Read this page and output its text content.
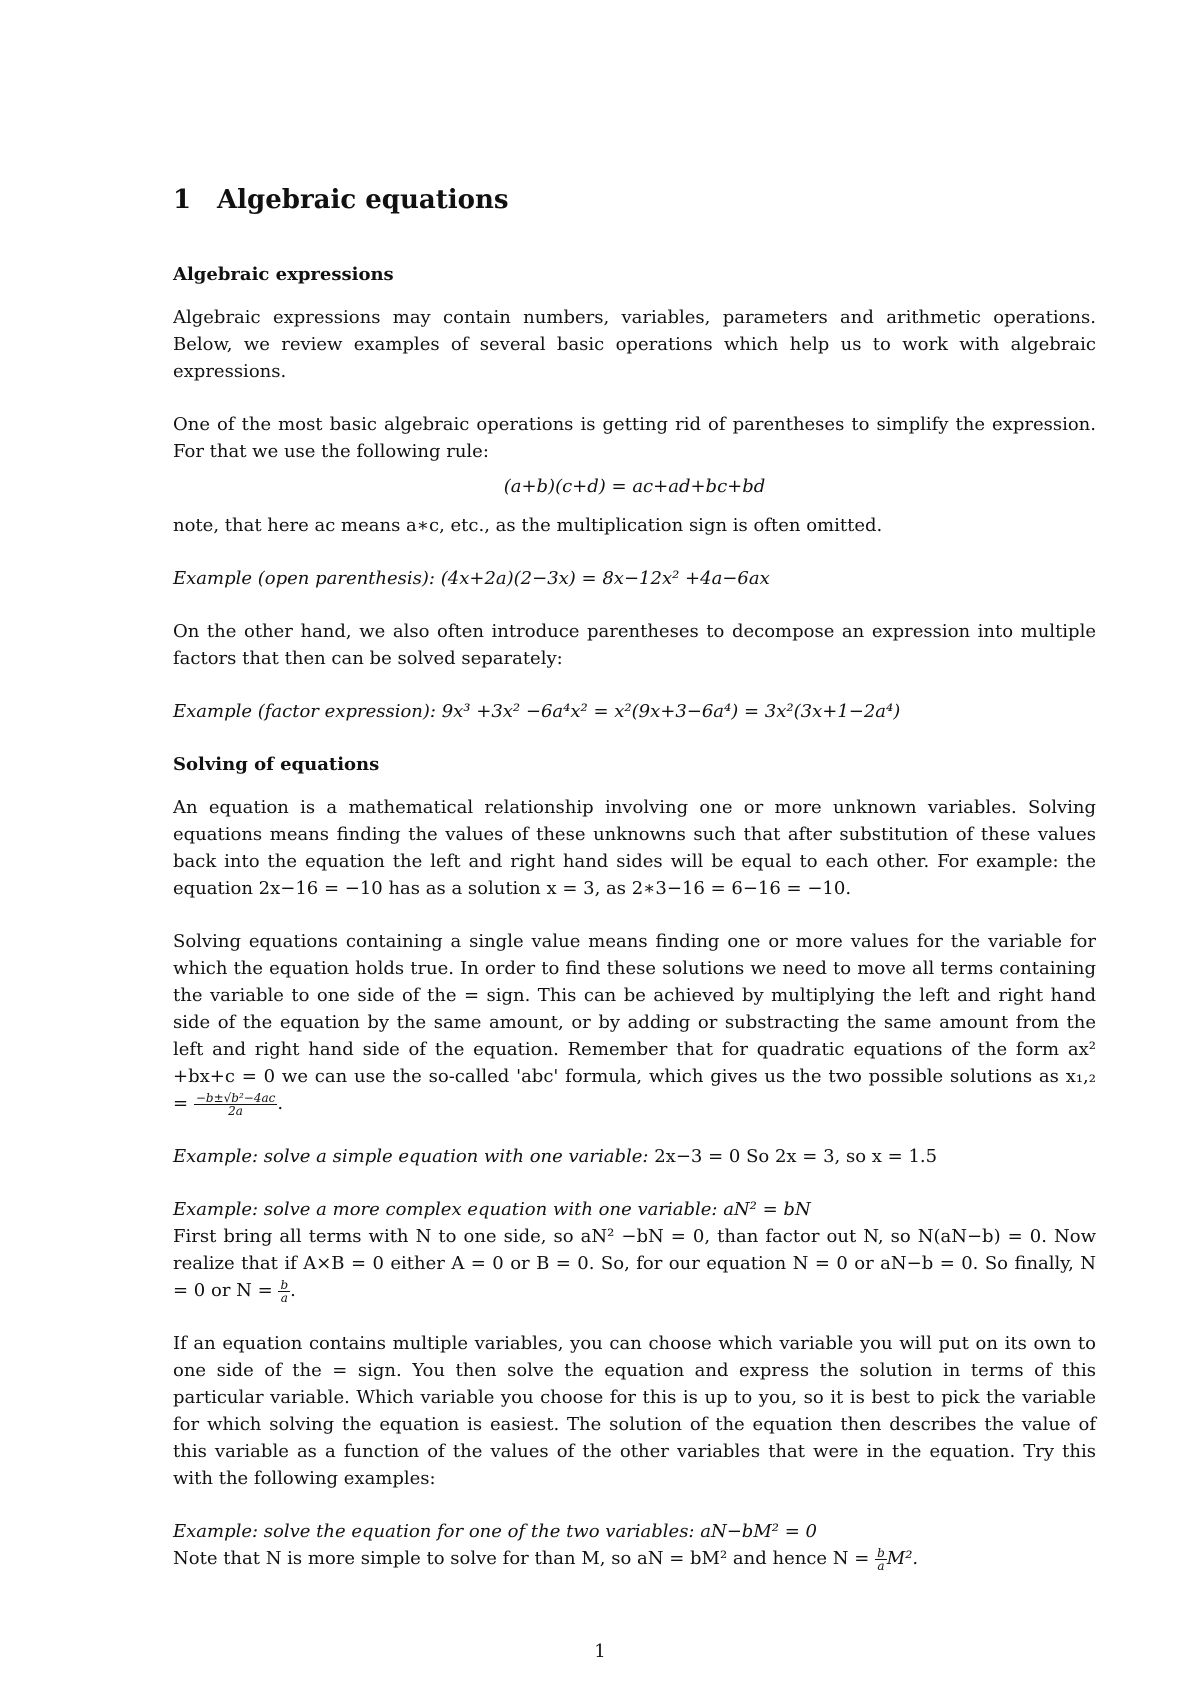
1 Algebraic equations
Algebraic expressions

Algebraic expressions may contain numbers, variables, parameters and arithmetic operations. Below, we review examples of several basic operations which help us to work with algebraic expressions.

One of the most basic algebraic operations is getting rid of parentheses to simplify the expression. For that we use the following rule:

(a+b)(c+d) = ac+ad+bc+bd

note, that here ac means a∗c, etc., as the multiplication sign is often omitted.

Example (open parenthesis): (4x+2a)(2−3x) = 8x−12x² +4a−6ax

On the other hand, we also often introduce parentheses to decompose an expression into multiple factors that then can be solved separately:

Example (factor expression): 9x³ +3x² −6a⁴x² = x²(9x+3−6a⁴) = 3x²(3x+1−2a⁴)

Solving of equations

An equation is a mathematical relationship involving one or more unknown variables. Solving equations means finding the values of these unknowns such that after substitution of these values back into the equation the left and right hand sides will be equal to each other. For example: the equation 2x−16 = −10 has as a solution x = 3, as 2∗3−16 = 6−16 = −10.

Solving equations containing a single value means finding one or more values for the variable for which the equation holds true. In order to find these solutions we need to move all terms containing the variable to one side of the = sign. This can be achieved by multiplying the left and right hand side of the equation by the same amount, or by adding or substracting the same amount from the left and right hand side of the equation. Remember that for quadratic equations of the form ax² +bx+c = 0 we can use the so-called 'abc' formula, which gives us the two possible solutions as $x_1,_2 = \frac{\text{−b±√b²−4ac}}{2a}$ .

Example: solve a simple equation with one variable: 2x−3 = 0 So 2x = 3, so x = 1.5

Example: solve a more complex equation with one variable: aN² = bN

First bring all terms with N to one side, so aN² −bN = 0, than factor out N, so N(aN−b) = 0. Now realize that if A×B = 0 either A = 0 or B = 0. So, for our equation N = 0 or aN−b = 0. So finally, N = 0 or $N = \frac{b}{a}$ .

If an equation contains multiple variables, you can choose which variable you will put on its own to one side of the = sign. You then solve the equation and express the solution in terms of this particular variable. Which variable you choose for this is up to you, so it is best to pick the variable for which solving the equation is easiest. The solution of the equation then describes the value of this variable as a function of the values of the other variables that were in the equation. Try this with the following examples:

Example: solve the equation for one of the two variables: aN−bM² = 0

Note that N is more simple to solve for than M, so aN = bM² and hence $N = \frac{b}{a} M^2$.

1
